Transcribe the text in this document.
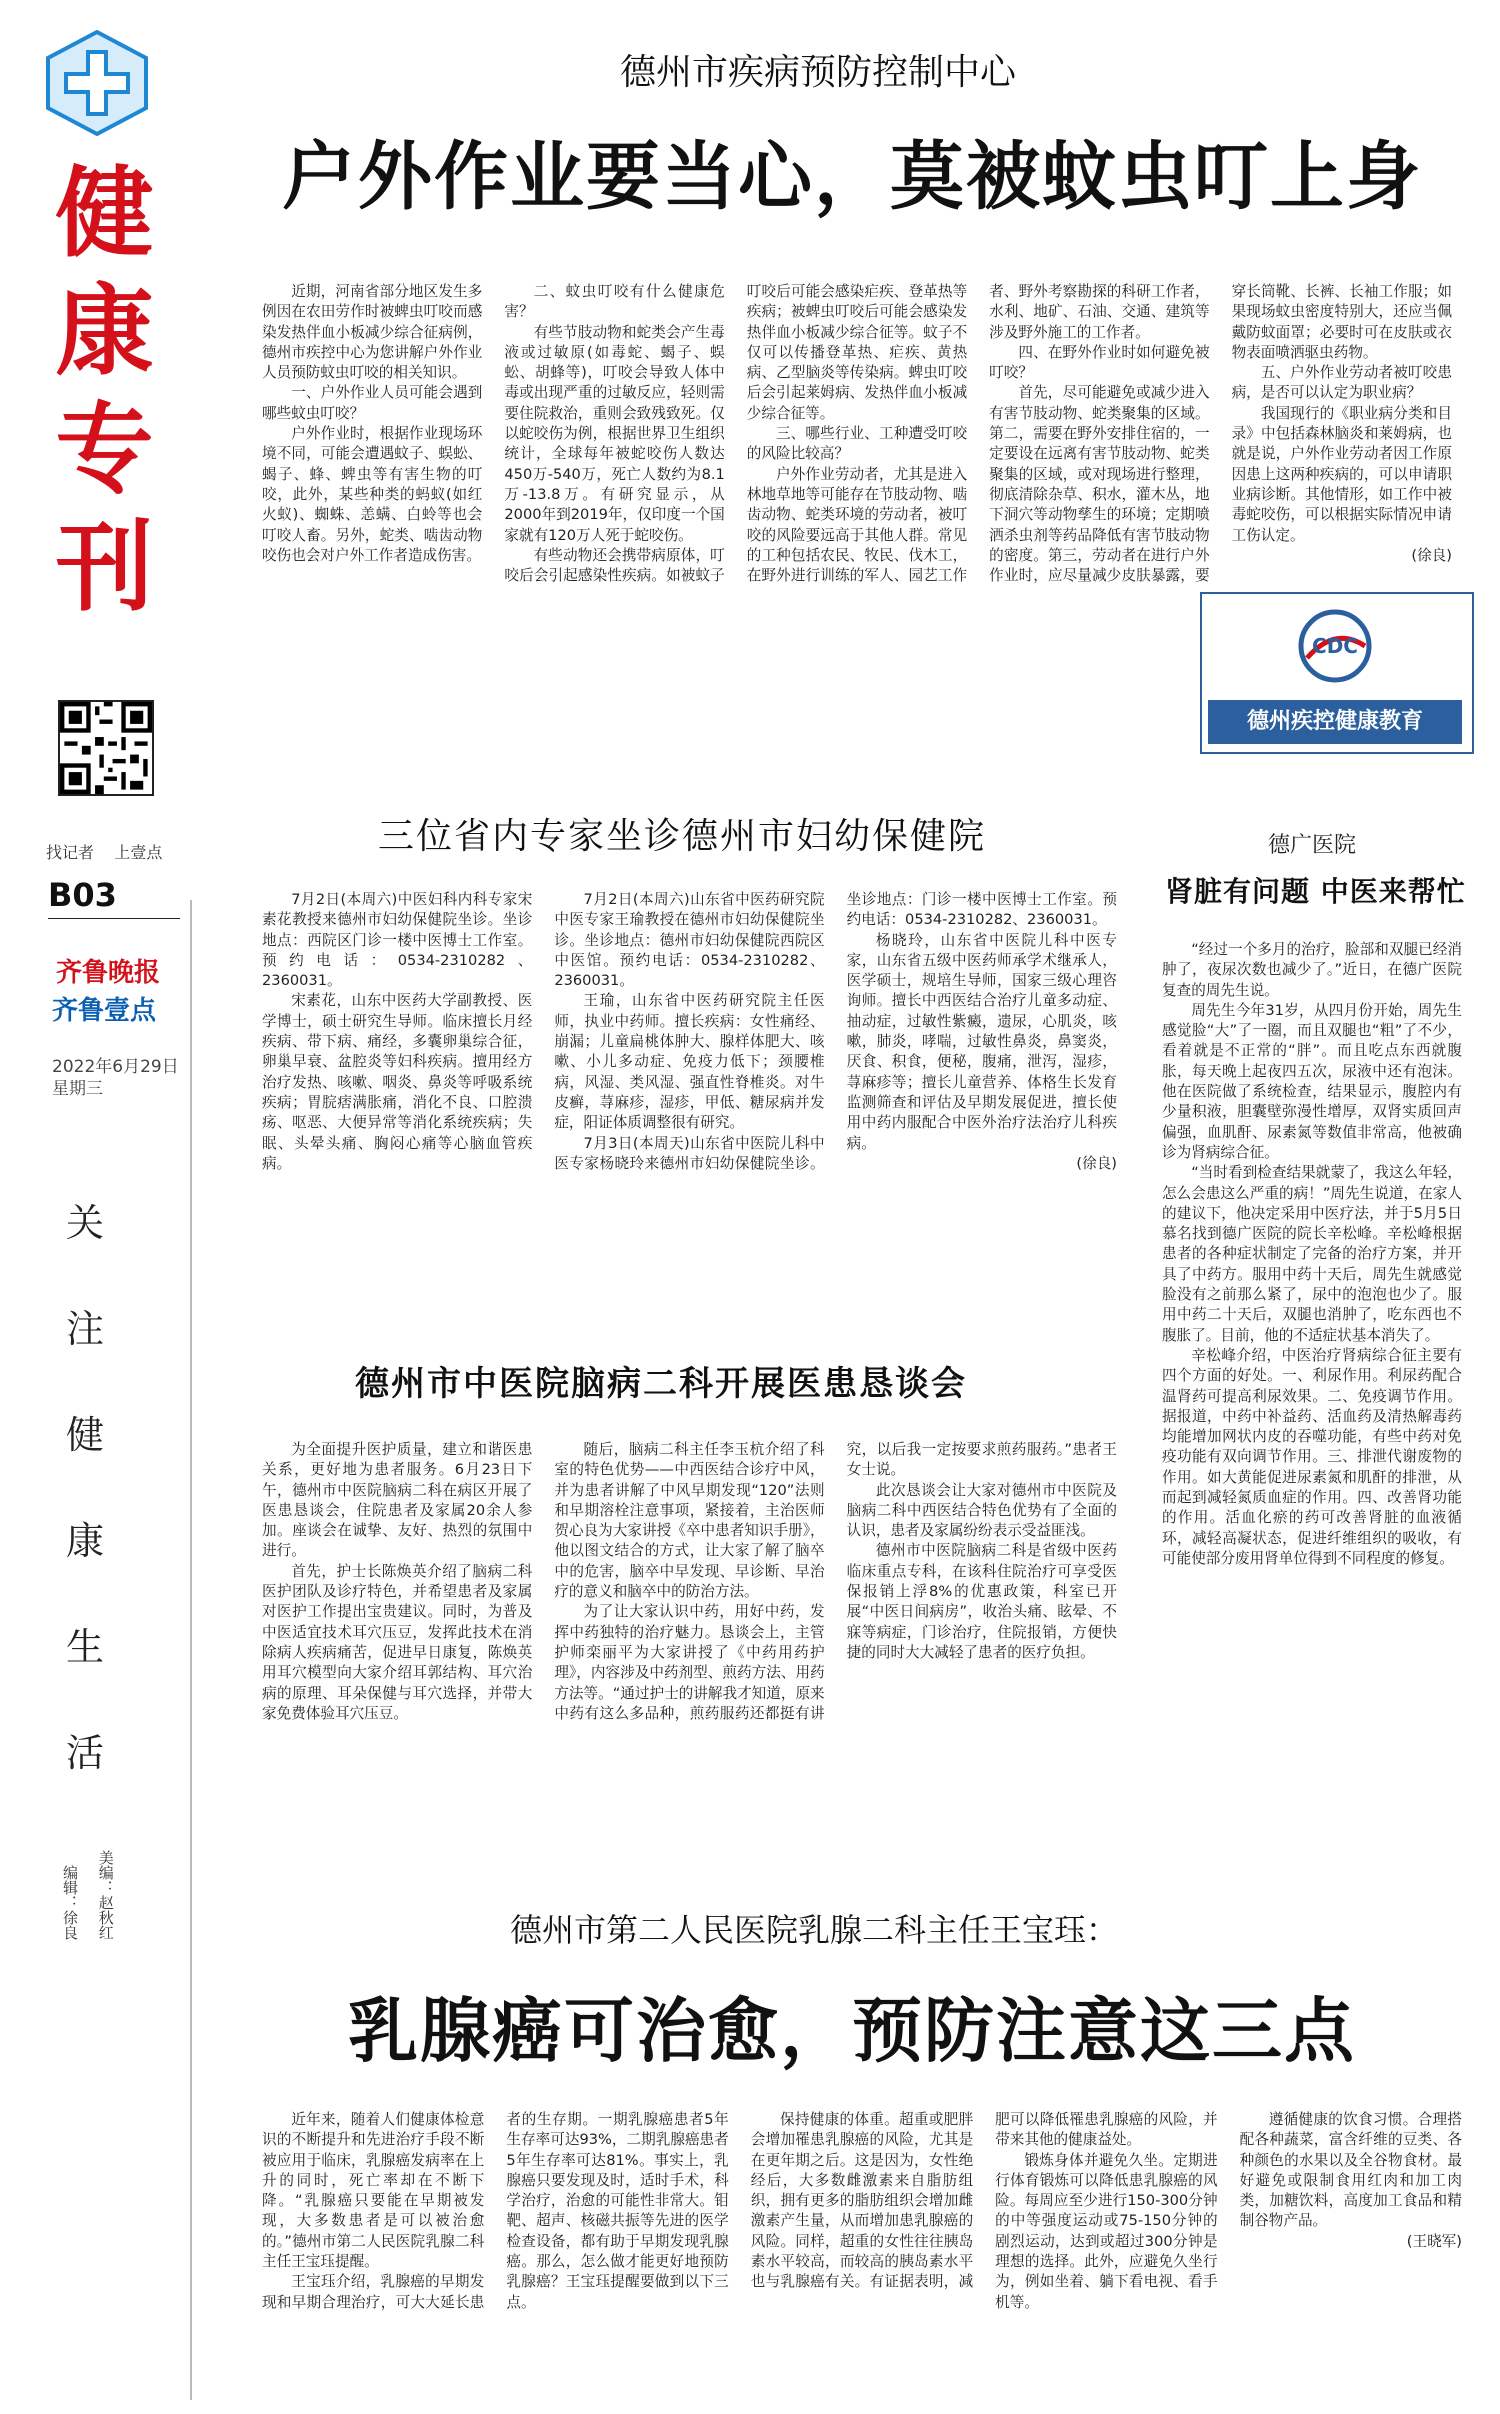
健
康
专
刊
找记者 上壹点
B03
齐鲁晚报
齐鲁壹点
2022年6月29日
星期三
关
注
健
康
生
活
编辑：徐良 美编：赵秋红
德州市疾病预防控制中心
户外作业要当心，莫被蚊虫叮上身

近期，河南省部分地区发生多例因在农田劳作时被蜱虫叮咬而感染发热伴血小板减少综合征病例，德州市疾控中心为您讲解户外作业人员预防蚊虫叮咬的相关知识。

一、户外作业人员可能会遇到哪些蚊虫叮咬？

户外作业时，根据作业现场环境不同，可能会遭遇蚊子、蜈蚣、蝎子、蜂、蜱虫等有害生物的叮咬，此外，某些种类的蚂蚁(如红火蚁)、蜘蛛、恙螨、白蛉等也会叮咬人畜。另外，蛇类、啮齿动物咬伤也会对户外工作者造成伤害。

二、蚊虫叮咬有什么健康危害？

有些节肢动物和蛇类会产生毒液或过敏原(如毒蛇、蝎子、蜈蚣、胡蜂等)，叮咬会导致人体中毒或出现严重的过敏反应，轻则需要住院救治，重则会致残致死。仅以蛇咬伤为例，根据世界卫生组织统计，全球每年被蛇咬伤人数达450万-540万，死亡人数约为8.1万-13.8万。有研究显示，从2000年到2019年，仅印度一个国家就有120万人死于蛇咬伤。

有些动物还会携带病原体，叮咬后会引起感染性疾病。如被蚊子叮咬后可能会感染疟疾、登革热等疾病；被蜱虫叮咬后可能会感染发热伴血小板减少综合征等。蚊子不仅可以传播登革热、疟疾、黄热病、乙型脑炎等传染病。蜱虫叮咬后会引起莱姆病、发热伴血小板减少综合征等。

三、哪些行业、工种遭受叮咬的风险比较高？

户外作业劳动者，尤其是进入林地草地等可能存在节肢动物、啮齿动物、蛇类环境的劳动者，被叮咬的风险要远高于其他人群。常见的工种包括农民、牧民、伐木工，在野外进行训练的军人、园艺工作者、野外考察勘探的科研工作者，水利、地矿、石油、交通、建筑等涉及野外施工的工作者。

四、在野外作业时如何避免被叮咬？

首先，尽可能避免或减少进入有害节肢动物、蛇类聚集的区域。第二，需要在野外安排住宿的，一定要设在远离有害节肢动物、蛇类聚集的区域，或对现场进行整理，彻底清除杂草、积水，灌木丛，地下洞穴等动物孳生的环境；定期喷洒杀虫剂等药品降低有害节肢动物的密度。第三，劳动者在进行户外作业时，应尽量减少皮肤暴露，要穿长筒靴、长裤、长袖工作服；如果现场蚊虫密度特别大，还应当佩戴防蚊面罩；必要时可在皮肤或衣物表面喷洒驱虫药物。

五、户外作业劳动者被叮咬患病，是否可以认定为职业病？

我国现行的《职业病分类和目录》中包括森林脑炎和莱姆病，也就是说，户外作业劳动者因工作原因患上这两种疾病的，可以申请职业病诊断。其他情形，如工作中被毒蛇咬伤，可以根据实际情况申请工伤认定。

(徐良)

CDC
德州疾控健康教育
三位省内专家坐诊德州市妇幼保健院

7月2日(本周六)中医妇科内科专家宋素花教授来德州市妇幼保健院坐诊。坐诊地点：西院区门诊一楼中医博士工作室。预约电话：0534-2310282、2360031。

宋素花，山东中医药大学副教授、医学博士，硕士研究生导师。临床擅长月经疾病、带下病、痛经，多囊卵巢综合征，卵巢早衰、盆腔炎等妇科疾病。擅用经方治疗发热、咳嗽、咽炎、鼻炎等呼吸系统疾病；胃脘痞满胀痛，消化不良、口腔溃疡、呕恶、大便异常等消化系统疾病；失眠、头晕头痛、胸闷心痛等心脑血管疾病。

7月2日(本周六)山东省中医药研究院中医专家王瑜教授在德州市妇幼保健院坐诊。坐诊地点：德州市妇幼保健院西院区中医馆。预约电话：0534-2310282、2360031。

王瑜，山东省中医药研究院主任医师，执业中药师。擅长疾病：女性痛经、崩漏；儿童扁桃体肿大、腺样体肥大、咳嗽、小儿多动症、免疫力低下；颈腰椎病，风湿、类风湿、强直性脊椎炎。对牛皮癣，荨麻疹，湿疹，甲低、糖尿病并发症，阳证体质调整很有研究。

7月3日(本周天)山东省中医院儿科中医专家杨晓玲来德州市妇幼保健院坐诊。坐诊地点：门诊一楼中医博士工作室。预约电话：0534-2310282、2360031。

杨晓玲，山东省中医院儿科中医专家，山东省五级中医药师承学术继承人，医学硕士，规培生导师，国家三级心理咨询师。擅长中西医结合治疗儿童多动症、抽动症，过敏性紫癜，遗尿，心肌炎，咳嗽，肺炎，哮喘，过敏性鼻炎，鼻窦炎，厌食、积食，便秘，腹痛，泄泻，湿疹，荨麻疹等；擅长儿童营养、体格生长发育监测筛查和评估及早期发展促进，擅长使用中药内服配合中医外治疗法治疗儿科疾病。

(徐良)

德州市中医院脑病二科开展医患恳谈会

为全面提升医护质量，建立和谐医患关系，更好地为患者服务。6月23日下午，德州市中医院脑病二科在病区开展了医患恳谈会，住院患者及家属20余人参加。座谈会在诚挚、友好、热烈的氛围中进行。

首先，护士长陈焕英介绍了脑病二科医护团队及诊疗特色，并希望患者及家属对医护工作提出宝贵建议。同时，为普及中医适宜技术耳穴压豆，发挥此技术在消除病人疾病痛苦，促进早日康复，陈焕英用耳穴模型向大家介绍耳郭结构、耳穴治病的原理、耳朵保健与耳穴选择，并带大家免费体验耳穴压豆。

随后，脑病二科主任李玉杭介绍了科室的特色优势——中西医结合诊疗中风，并为患者讲解了中风早期发现“120”法则和早期溶栓注意事项，紧接着，主治医师贺心良为大家讲授《卒中患者知识手册》，他以图文结合的方式，让大家了解了脑卒中的危害，脑卒中早发现、早诊断、早治疗的意义和脑卒中的防治方法。

为了让大家认识中药，用好中药，发挥中药独特的治疗魅力。恳谈会上，主管护师栾丽平为大家讲授了《中药用药护理》，内容涉及中药剂型、煎药方法、用药方法等。“通过护士的讲解我才知道，原来中药有这么多品种，煎药服药还都挺有讲究，以后我一定按要求煎药服药。”患者王女士说。

此次恳谈会让大家对德州市中医院及脑病二科中西医结合特色优势有了全面的认识，患者及家属纷纷表示受益匪浅。

德州市中医院脑病二科是省级中医药临床重点专科，在该科住院治疗可享受医保报销上浮8%的优惠政策，科室已开展“中医日间病房”，收治头痛、眩晕、不寐等病症，门诊治疗，住院报销，方便快捷的同时大大减轻了患者的医疗负担。

德广医院
肾脏有问题 中医来帮忙

“经过一个多月的治疗，脸部和双腿已经消肿了，夜尿次数也减少了。”近日，在德广医院复查的周先生说。

周先生今年31岁，从四月份开始，周先生感觉脸“大”了一圈，而且双腿也“粗”了不少，看着就是不正常的“胖”。而且吃点东西就腹胀，每天晚上起夜四五次，尿液中还有泡沫。他在医院做了系统检查，结果显示，腹腔内有少量积液，胆囊壁弥漫性增厚，双肾实质回声偏强，血肌酐、尿素氮等数值非常高，他被确诊为肾病综合征。

“当时看到检查结果就蒙了，我这么年轻，怎么会患这么严重的病！”周先生说道，在家人的建议下，他决定采用中医疗法，并于5月5日慕名找到德广医院的院长辛松峰。辛松峰根据患者的各种症状制定了完备的治疗方案，并开具了中药方。服用中药十天后，周先生就感觉脸没有之前那么紧了，尿中的泡泡也少了。服用中药二十天后，双腿也消肿了，吃东西也不腹胀了。目前，他的不适症状基本消失了。

辛松峰介绍，中医治疗肾病综合征主要有四个方面的好处。一、利尿作用。利尿药配合温肾药可提高利尿效果。二、免疫调节作用。据报道，中药中补益药、活血药及清热解毒药均能增加网状内皮的吞噬功能，有些中药对免疫功能有双向调节作用。三、排泄代谢废物的作用。如大黄能促进尿素氮和肌酐的排泄，从而起到减轻氮质血症的作用。四、改善肾功能的作用。活血化瘀的药可改善肾脏的血液循环，减轻高凝状态，促进纤维组织的吸收，有可能使部分废用肾单位得到不同程度的修复。

德州市第二人民医院乳腺二科主任王宝珏：
乳腺癌可治愈，预防注意这三点

近年来，随着人们健康体检意识的不断提升和先进治疗手段不断被应用于临床，乳腺癌发病率在上升的同时，死亡率却在不断下降。“乳腺癌只要能在早期被发现，大多数患者是可以被治愈的。”德州市第二人民医院乳腺二科主任王宝珏提醒。

王宝珏介绍，乳腺癌的早期发现和早期合理治疗，可大大延长患者的生存期。一期乳腺癌患者5年生存率可达93%，二期乳腺癌患者5年生存率可达81%。事实上，乳腺癌只要发现及时，适时手术，科学治疗，治愈的可能性非常大。钼靶、超声、核磁共振等先进的医学检查设备，都有助于早期发现乳腺癌。那么，怎么做才能更好地预防乳腺癌？王宝珏提醒要做到以下三点。

保持健康的体重。超重或肥胖会增加罹患乳腺癌的风险，尤其是在更年期之后。这是因为，女性绝经后，大多数雌激素来自脂肪组织，拥有更多的脂肪组织会增加雌激素产生量，从而增加患乳腺癌的风险。同样，超重的女性往往胰岛素水平较高，而较高的胰岛素水平也与乳腺癌有关。有证据表明，减肥可以降低罹患乳腺癌的风险，并带来其他的健康益处。

锻炼身体并避免久坐。定期进行体育锻炼可以降低患乳腺癌的风险。每周应至少进行150-300分钟的中等强度运动或75-150分钟的剧烈运动，达到或超过300分钟是理想的选择。此外，应避免久坐行为，例如坐着、躺下看电视、看手机等。

遵循健康的饮食习惯。合理搭配各种蔬菜，富含纤维的豆类、各种颜色的水果以及全谷物食材。最好避免或限制食用红肉和加工肉类，加糖饮料，高度加工食品和精制谷物产品。

(王晓军)
